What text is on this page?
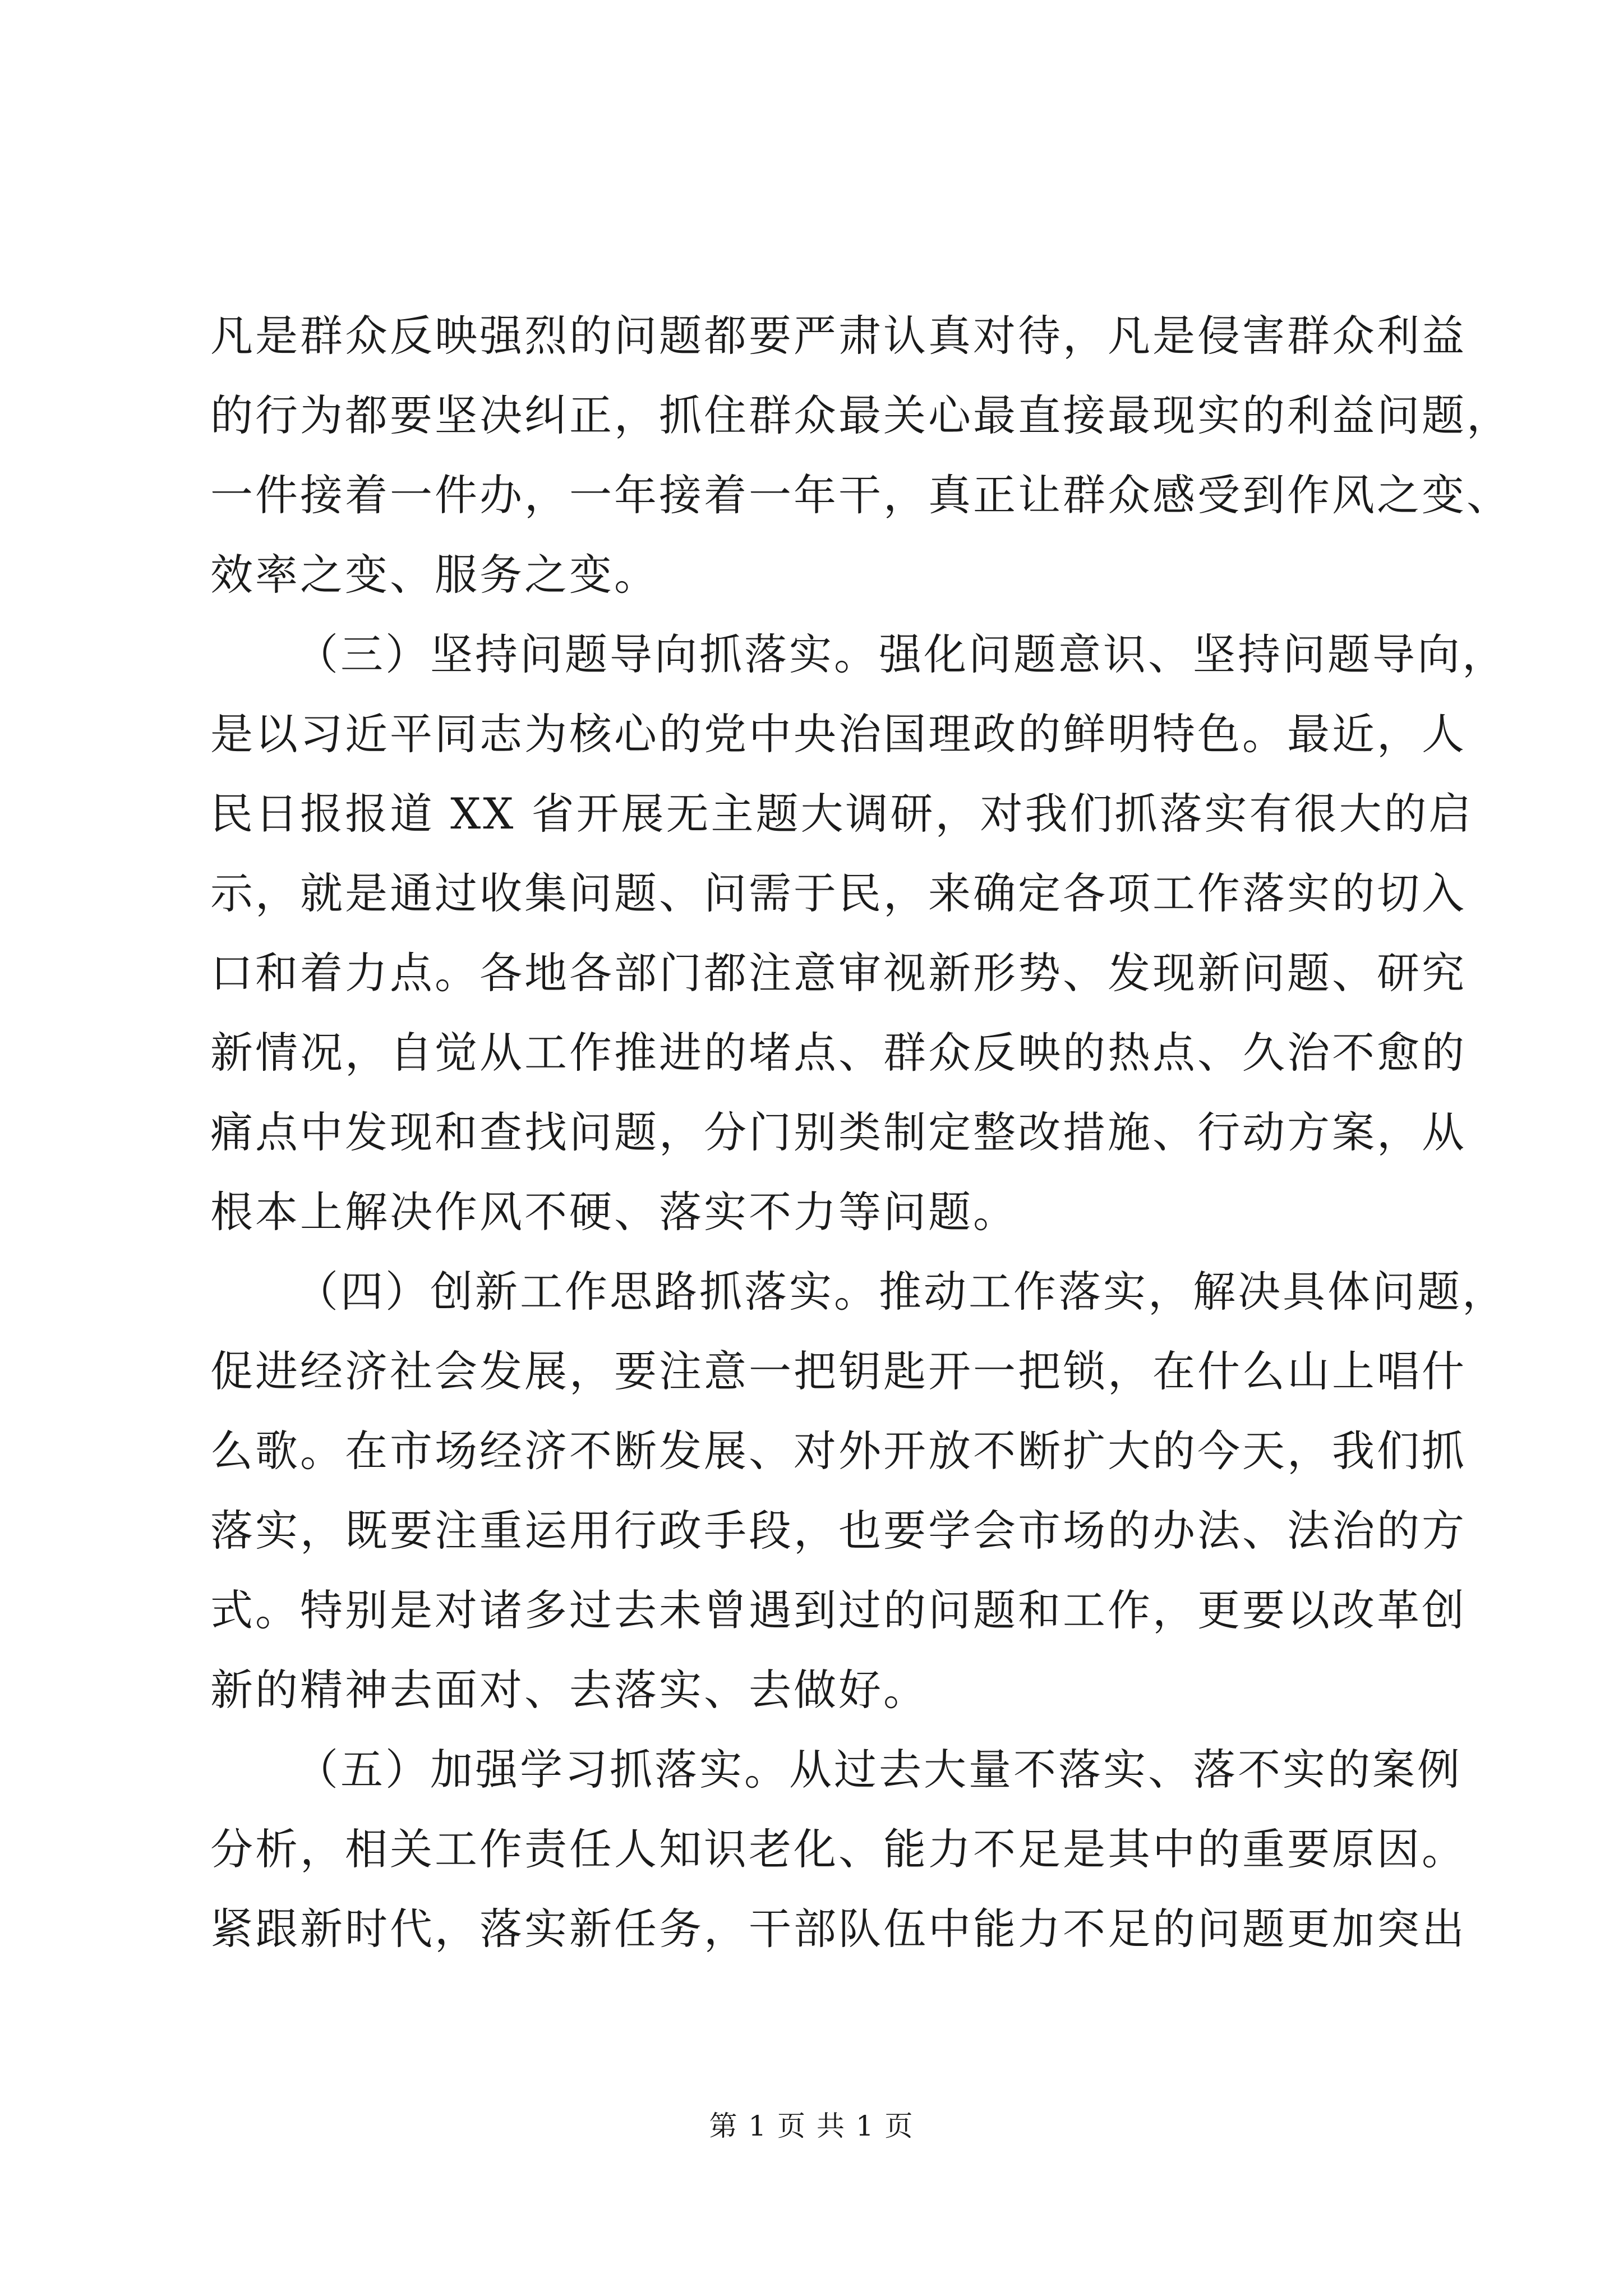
凡是群众反映强烈的问题都要严肃认真对待，凡是侵害群众利益
的行为都要坚决纠正，抓住群众最关心最直接最现实的利益问题，
一件接着一件办，一年接着一年干，真正让群众感受到作风之变、
效率之变、服务之变。
（三）坚持问题导向抓落实。强化问题意识、坚持问题导向，
是以习近平同志为核心的党中央治国理政的鲜明特色。最近，人
民日报报道 XX 省开展无主题大调研，对我们抓落实有很大的启
示，就是通过收集问题、问需于民，来确定各项工作落实的切入
口和着力点。各地各部门都注意审视新形势、发现新问题、研究
新情况，自觉从工作推进的堵点、群众反映的热点、久治不愈的
痛点中发现和查找问题，分门别类制定整改措施、行动方案，从
根本上解决作风不硬、落实不力等问题。
（四）创新工作思路抓落实。推动工作落实，解决具体问题，
促进经济社会发展，要注意一把钥匙开一把锁，在什么山上唱什
么歌。在市场经济不断发展、对外开放不断扩大的今天，我们抓
落实，既要注重运用行政手段，也要学会市场的办法、法治的方
式。特别是对诸多过去未曾遇到过的问题和工作，更要以改革创
新的精神去面对、去落实、去做好。
（五）加强学习抓落实。从过去大量不落实、落不实的案例
分析，相关工作责任人知识老化、能力不足是其中的重要原因。
紧跟新时代，落实新任务，干部队伍中能力不足的问题更加突出
第 1 页 共 1 页
